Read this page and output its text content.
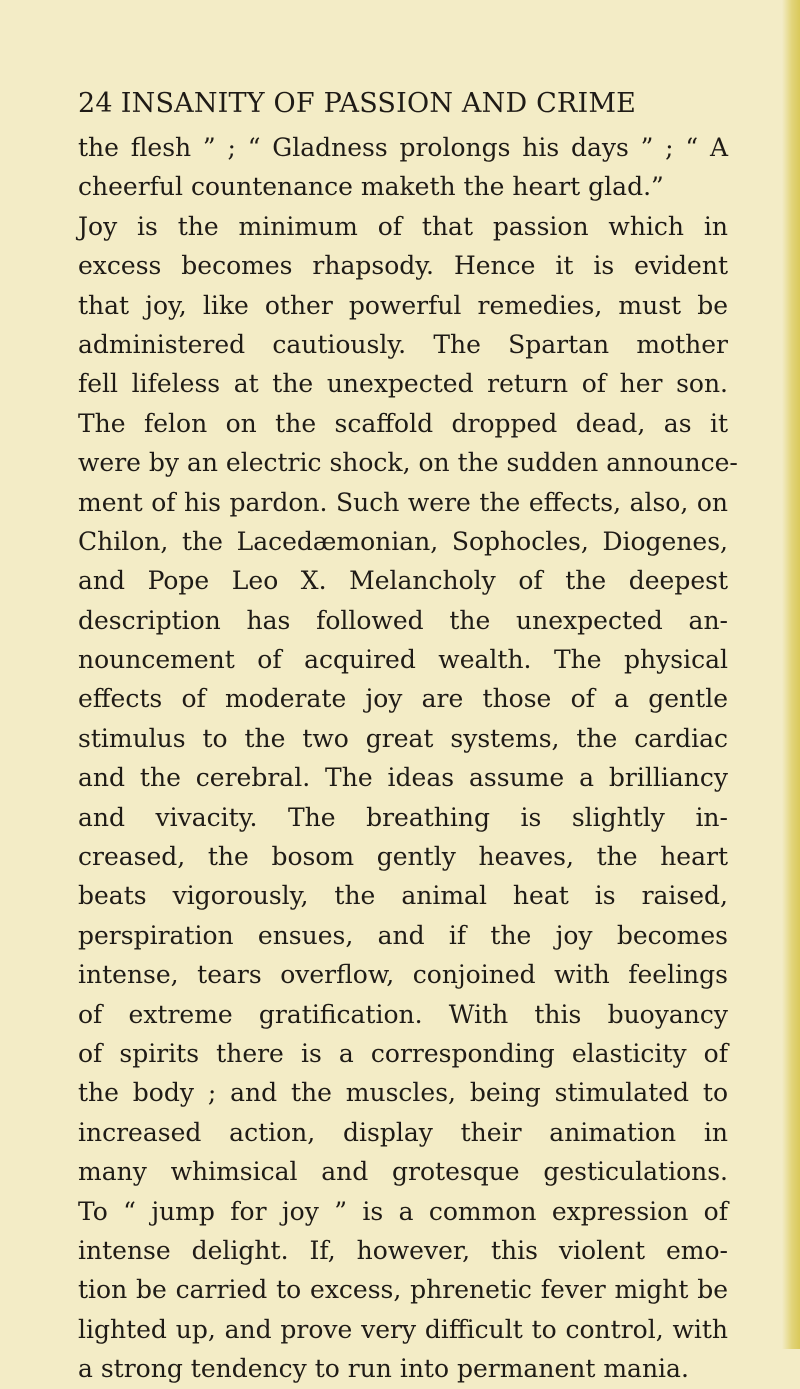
24 INSANITY OF PASSION AND CRIME
the flesh ” ; “ Gladness prolongs his days ” ; “ A
cheerful countenance maketh the heart glad.”
Joy is the minimum of that passion which in
excess becomes rhapsody. Hence it is evident
that joy, like other powerful remedies, must be
administered cautiously. The Spartan mother
fell lifeless at the unexpected return of her son.
The felon on the scaffold dropped dead, as it
were by an electric shock, on the sudden announce-
ment of his pardon. Such were the effects, also, on
Chilon, the Lacedæmonian, Sophocles, Diogenes,
and Pope Leo X. Melancholy of the deepest
description has followed the unexpected an-
nouncement of acquired wealth. The physical
effects of moderate joy are those of a gentle
stimulus to the two great systems, the cardiac
and the cerebral. The ideas assume a brilliancy
and vivacity. The breathing is slightly in-
creased, the bosom gently heaves, the heart
beats vigorously, the animal heat is raised,
perspiration ensues, and if the joy becomes
intense, tears overflow, conjoined with feelings
of extreme gratification. With this buoyancy
of spirits there is a corresponding elasticity of
the body ; and the muscles, being stimulated to
increased action, display their animation in
many whimsical and grotesque gesticulations.
To “ jump for joy ” is a common expression of
intense delight. If, however, this violent emo-
tion be carried to excess, phrenetic fever might be
lighted up, and prove very difficult to control, with
a strong tendency to run into permanent mania.
